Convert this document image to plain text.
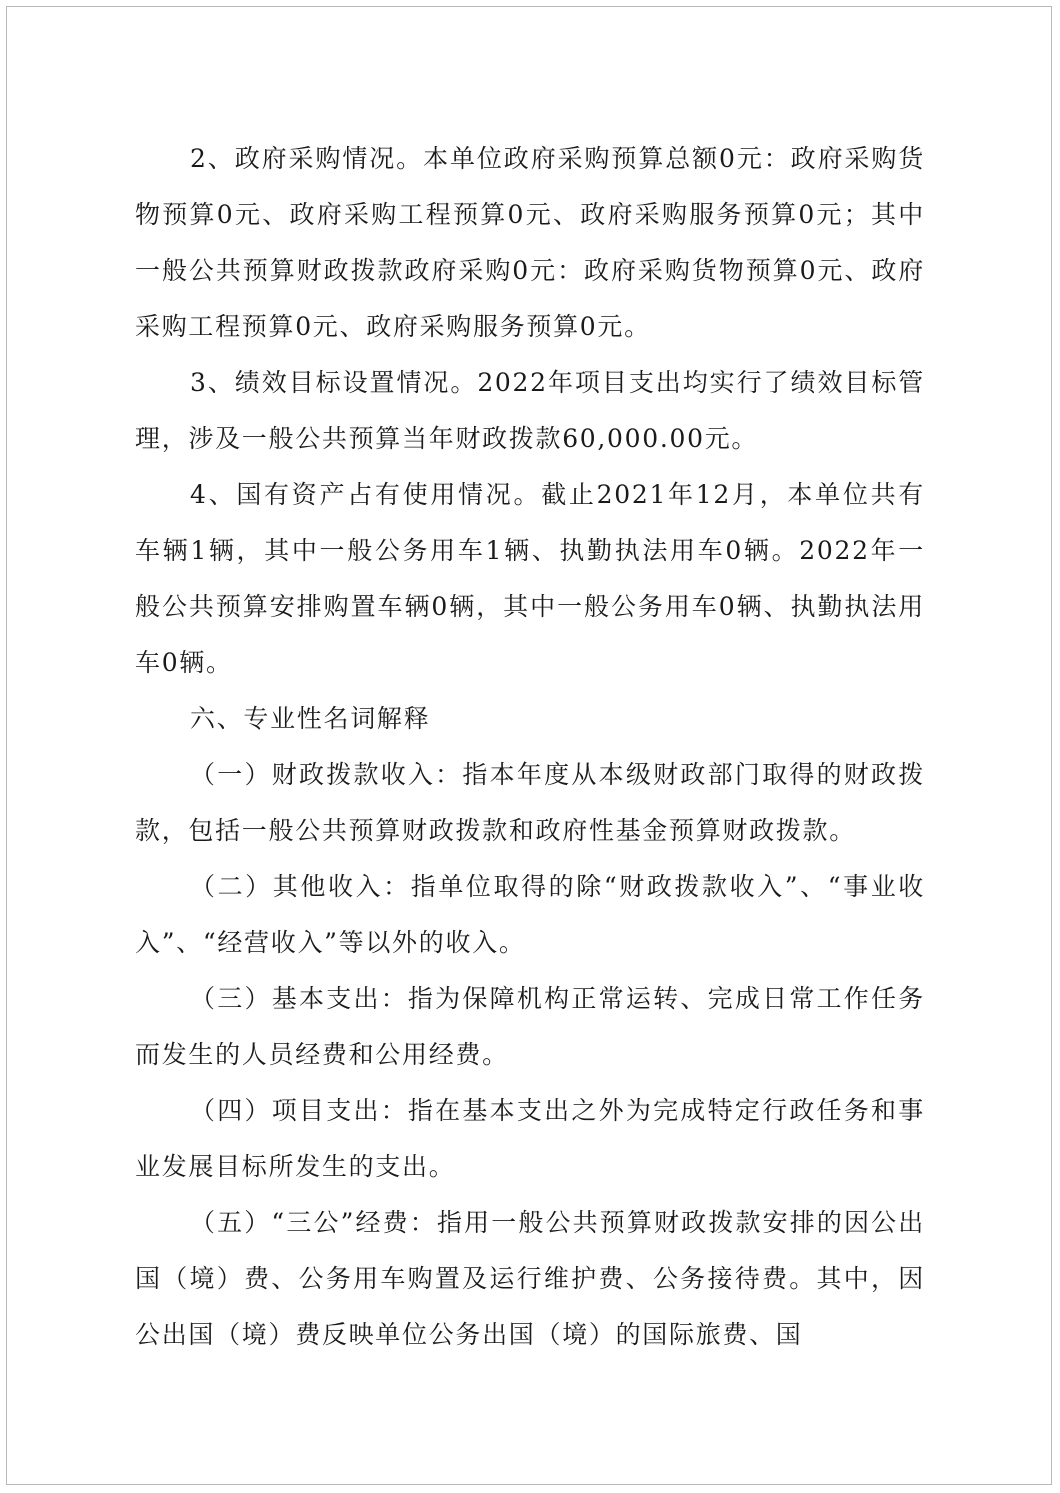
2、政府采购情况。本单位政府采购预算总额0元：政府采购货物预算0元、政府采购工程预算0元、政府采购服务预算0元；其中一般公共预算财政拨款政府采购0元：政府采购货物预算0元、政府采购工程预算0元、政府采购服务预算0元。

3、绩效目标设置情况。2022年项目支出均实行了绩效目标管理，涉及一般公共预算当年财政拨款60,000.00元。

4、国有资产占有使用情况。截止2021年12月，本单位共有车辆1辆，其中一般公务用车1辆、执勤执法用车0辆。2022年一般公共预算安排购置车辆0辆，其中一般公务用车0辆、执勤执法用车0辆。

六、专业性名词解释

（一）财政拨款收入：指本年度从本级财政部门取得的财政拨款，包括一般公共预算财政拨款和政府性基金预算财政拨款。

（二）其他收入：指单位取得的除“财政拨款收入”、“事业收入”、“经营收入”等以外的收入。

（三）基本支出：指为保障机构正常运转、完成日常工作任务而发生的人员经费和公用经费。

（四）项目支出：指在基本支出之外为完成特定行政任务和事业发展目标所发生的支出。

（五）“三公”经费：指用一般公共预算财政拨款安排的因公出国（境）费、公务用车购置及运行维护费、公务接待费。其中，因公出国（境）费反映单位公务出国（境）的国际旅费、国
